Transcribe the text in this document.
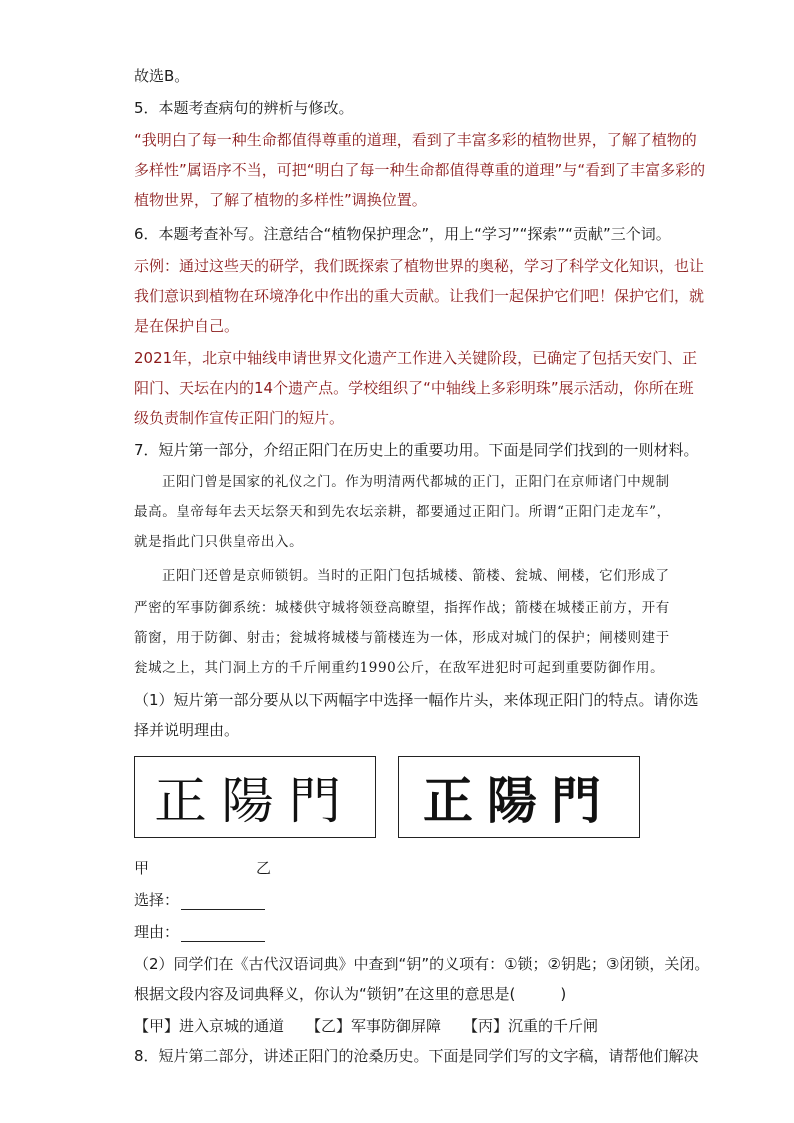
故选B。
5．本题考查病句的辨析与修改。
“我明白了每一种生命都值得尊重的道理，看到了丰富多彩的植物世界，了解了植物的
多样性”属语序不当，可把“明白了每一种生命都值得尊重的道理”与“看到了丰富多彩的
植物世界，了解了植物的多样性”调换位置。
6．本题考查补写。注意结合“植物保护理念”，用上“学习”“探索”“贡献”三个词。
示例：通过这些天的研学，我们既探索了植物世界的奥秘，学习了科学文化知识，也让
我们意识到植物在环境净化中作出的重大贡献。让我们一起保护它们吧！保护它们，就
是在保护自己。
2021年，北京中轴线申请世界文化遗产工作进入关键阶段，已确定了包括天安门、正
阳门、天坛在内的14个遗产点。学校组织了“中轴线上多彩明珠”展示活动，你所在班
级负责制作宣传正阳门的短片。
7．短片第一部分，介绍正阳门在历史上的重要功用。下面是同学们找到的一则材料。
正阳门曾是国家的礼仪之门。作为明清两代都城的正门，正阳门在京师诸门中规制
最高。皇帝每年去天坛祭天和到先农坛亲耕，都要通过正阳门。所谓“正阳门走龙车”，
就是指此门只供皇帝出入。
正阳门还曾是京师锁钥。当时的正阳门包括城楼、箭楼、瓮城、闸楼，它们形成了
严密的军事防御系统：城楼供守城将领登高瞭望，指挥作战；箭楼在城楼正前方，开有
箭窗，用于防御、射击；瓮城将城楼与箭楼连为一体，形成对城门的保护；闸楼则建于
瓮城之上，其门洞上方的千斤闸重约1990公斤，在敌军进犯时可起到重要防御作用。
（1）短片第一部分要从以下两幅字中选择一幅作片头，来体现正阳门的特点。请你选
择并说明理由。
正陽門 正陽門
甲	乙
选择：
理由：
（2）同学们在《古代汉语词典》中查到“钥”的义项有：①锁；②钥匙；③闭锁，关闭。
根据文段内容及词典释义，你认为“锁钥”在这里的意思是(　　　)
【甲】进入京城的通道 【乙】军事防御屏障 【丙】沉重的千斤闸
8．短片第二部分，讲述正阳门的沧桑历史。下面是同学们写的文字稿，请帮他们解决
